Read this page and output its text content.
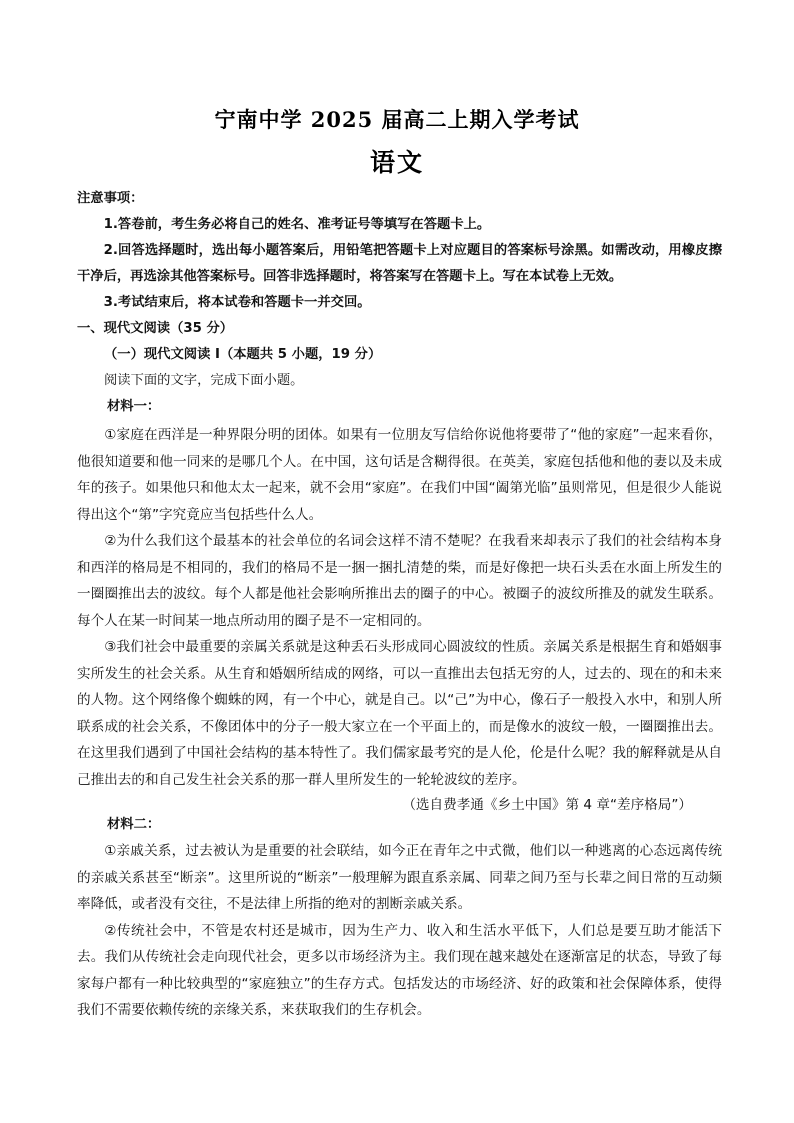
宁南中学 2025 届高二上期入学考试
语文
注意事项：

1.答卷前，考生务必将自己的姓名、准考证号等填写在答题卡上。

2.回答选择题时，选出每小题答案后，用铅笔把答题卡上对应题目的答案标号涂黑。如需改动，用橡皮擦干净后，再选涂其他答案标号。回答非选择题时，将答案写在答题卡上。写在本试卷上无效。

3.考试结束后，将本试卷和答题卡一并交回。

一、现代文阅读（35 分）
（一）现代文阅读 I（本题共 5 小题，19 分）
阅读下面的文字，完成下面小题。
材料一：

①家庭在西洋是一种界限分明的团体。如果有一位朋友写信给你说他将要带了“他的家庭”一起来看你，他很知道要和他一同来的是哪几个人。在中国，这句话是含糊得很。在英美，家庭包括他和他的妻以及未成年的孩子。如果他只和他太太一起来，就不会用“家庭”。在我们中国“阖第光临”虽则常见，但是很少人能说得出这个“第”字究竟应当包括些什么人。

②为什么我们这个最基本的社会单位的名词会这样不清不楚呢？在我看来却表示了我们的社会结构本身和西洋的格局是不相同的，我们的格局不是一捆一捆扎清楚的柴，而是好像把一块石头丢在水面上所发生的一圈圈推出去的波纹。每个人都是他社会影响所推出去的圈子的中心。被圈子的波纹所推及的就发生联系。每个人在某一时间某一地点所动用的圈子是不一定相同的。

③我们社会中最重要的亲属关系就是这种丢石头形成同心圆波纹的性质。亲属关系是根据生育和婚姻事实所发生的社会关系。从生育和婚姻所结成的网络，可以一直推出去包括无穷的人，过去的、现在的和未来的人物。这个网络像个蜘蛛的网，有一个中心，就是自己。以“己”为中心，像石子一般投入水中，和别人所联系成的社会关系，不像团体中的分子一般大家立在一个平面上的，而是像水的波纹一般，一圈圈推出去。在这里我们遇到了中国社会结构的基本特性了。我们儒家最考究的是人伦，伦是什么呢？我的解释就是从自己推出去的和自己发生社会关系的那一群人里所发生的一轮轮波纹的差序。

（选自费孝通《乡土中国》第 4 章“差序格局”）
材料二：

①亲戚关系，过去被认为是重要的社会联结，如今正在青年之中式微，他们以一种逃离的心态远离传统的亲戚关系甚至“断亲”。这里所说的“断亲”一般理解为跟直系亲属、同辈之间乃至与长辈之间日常的互动频率降低，或者没有交往，不是法律上所指的绝对的割断亲戚关系。

②传统社会中，不管是农村还是城市，因为生产力、收入和生活水平低下，人们总是要互助才能活下去。我们从传统社会走向现代社会，更多以市场经济为主。我们现在越来越处在逐渐富足的状态，导致了每家每户都有一种比较典型的“家庭独立”的生存方式。包括发达的市场经济、好的政策和社会保障体系，使得我们不需要依赖传统的亲缘关系，来获取我们的生存机会。
